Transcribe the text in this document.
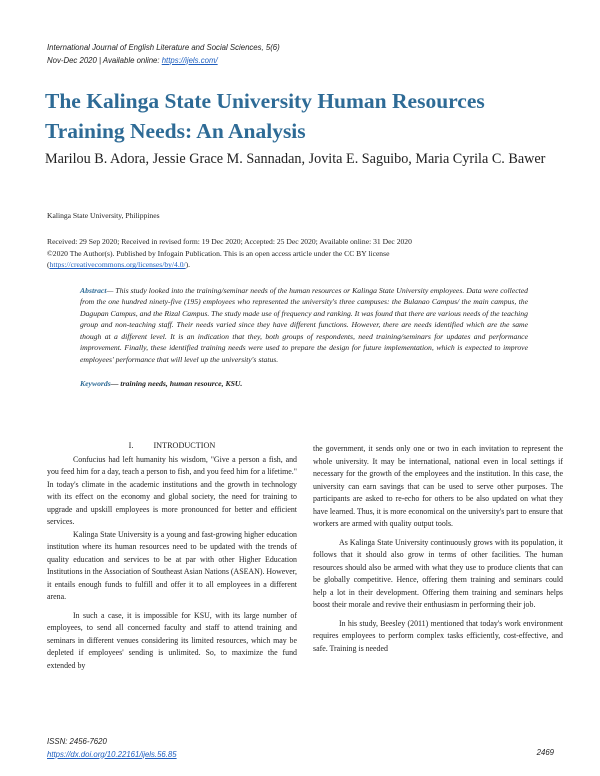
International Journal of English Literature and Social Sciences, 5(6)
Nov-Dec 2020 | Available online: https://ijels.com/
The Kalinga State University Human Resources Training Needs: An Analysis
Marilou B. Adora, Jessie Grace M. Sannadan, Jovita E. Saguibo, Maria Cyrila C. Bawer
Kalinga State University, Philippines
Received: 29 Sep 2020; Received in revised form: 19 Dec 2020; Accepted: 25 Dec 2020; Available online: 31 Dec 2020
©2020 The Author(s). Published by Infogain Publication. This is an open access article under the CC BY license
(https://creativecommons.org/licenses/by/4.0/).
Abstract— This study looked into the training/seminar needs of the human resources or Kalinga State University employees. Data were collected from the one hundred ninety-five (195) employees who represented the university's three campuses: the Bulanao Campus/ the main campus, the Dagupan Campus, and the Rizal Campus. The study made use of frequency and ranking. It was found that there are various needs of the teaching group and non-teaching staff. Their needs varied since they have different functions. However, there are needs identified which are the same though at a different level. It is an indication that they, both groups of respondents, need training/seminars for updates and performance improvement. Finally, these identified training needs were used to prepare the design for future implementation, which is expected to improve employees' performance that will level up the university's status.
Keywords— training needs, human resource, KSU.
I. INTRODUCTION

Confucius had left humanity his wisdom, "Give a person a fish, and you feed him for a day, teach a person to fish, and you feed him for a lifetime." In today's climate in the academic institutions and the growth in technology with its effect on the economy and global society, the need for training to upgrade and upskill employees is more pronounced for better and efficient services.

Kalinga State University is a young and fast-growing higher education institution where its human resources need to be updated with the trends of quality education and services to be at par with other Higher Education Institutions in the Association of Southeast Asian Nations (ASEAN). However, it entails enough funds to fulfill and offer it to all employees in a different arena.

In such a case, it is impossible for KSU, with its large number of employees, to send all concerned faculty and staff to attend training and seminars in different venues considering its limited resources, which may be depleted if employees' sending is unlimited. So, to maximize the fund extended by

the government, it sends only one or two in each invitation to represent the whole university. It may be international, national even in local settings if necessary for the growth of the employees and the institution. In this case, the university can earn savings that can be used to serve other purposes. The participants are asked to re-echo for others to be also updated on what they have learned. Thus, it is more economical on the university's part to ensure that workers are armed with quality output tools.

As Kalinga State University continuously grows with its population, it follows that it should also grow in terms of other facilities. The human resources should also be armed with what they use to produce clients that can be globally competitive. Hence, offering them training and seminars could help a lot in their development. Offering them training and seminars helps boost their morale and revive their enthusiasm in performing their job.

In his study, Beesley (2011) mentioned that today's work environment requires employees to perform complex tasks efficiently, cost-effective, and safe. Training is needed

ISSN: 2456-7620
https://dx.doi.org/10.22161/ijels.56.85	2469
